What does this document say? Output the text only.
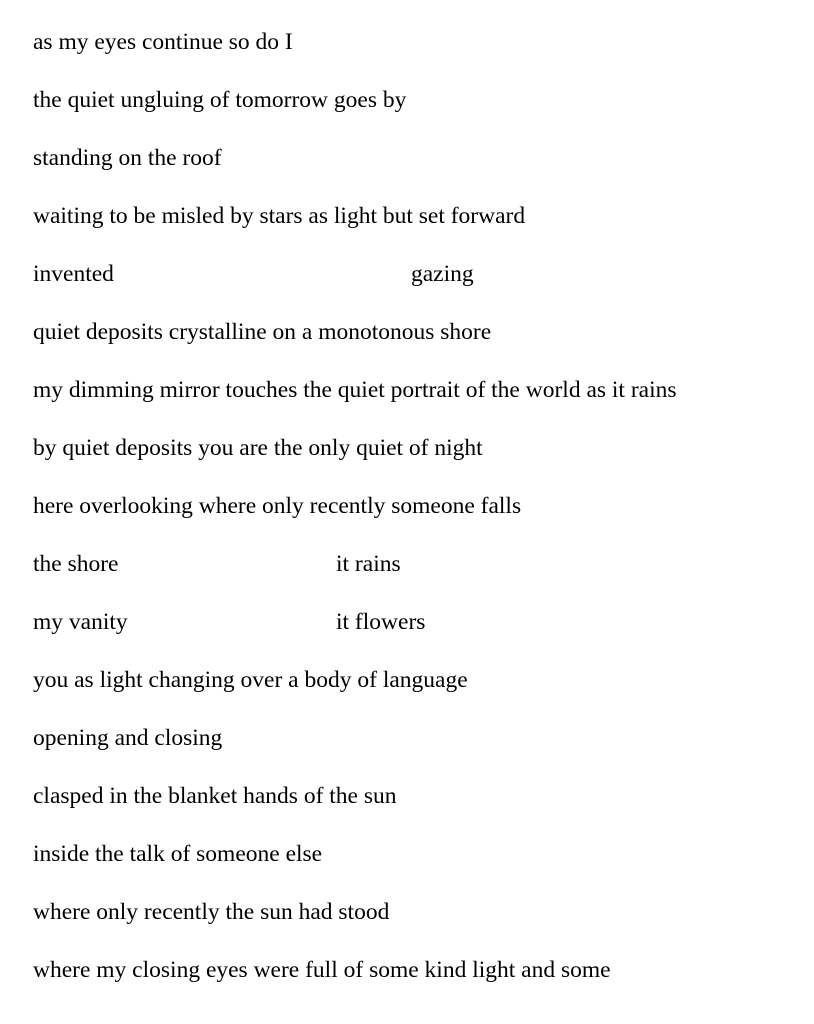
as my eyes continue so do I
the quiet ungluing of tomorrow goes by
standing on the roof
waiting to be misled by stars as light but set forward
invented	gazing
quiet deposits crystalline on a monotonous shore
my dimming mirror touches the quiet portrait of the world as it rains
by quiet deposits you are the only quiet of night
here overlooking where only recently someone falls
the shore	it rains
my vanity	it flowers
you as light changing over a body of language
opening and closing
clasped in the blanket hands of the sun
inside the talk of someone else
where only recently the sun had stood
where my closing eyes were full of some kind light and some
